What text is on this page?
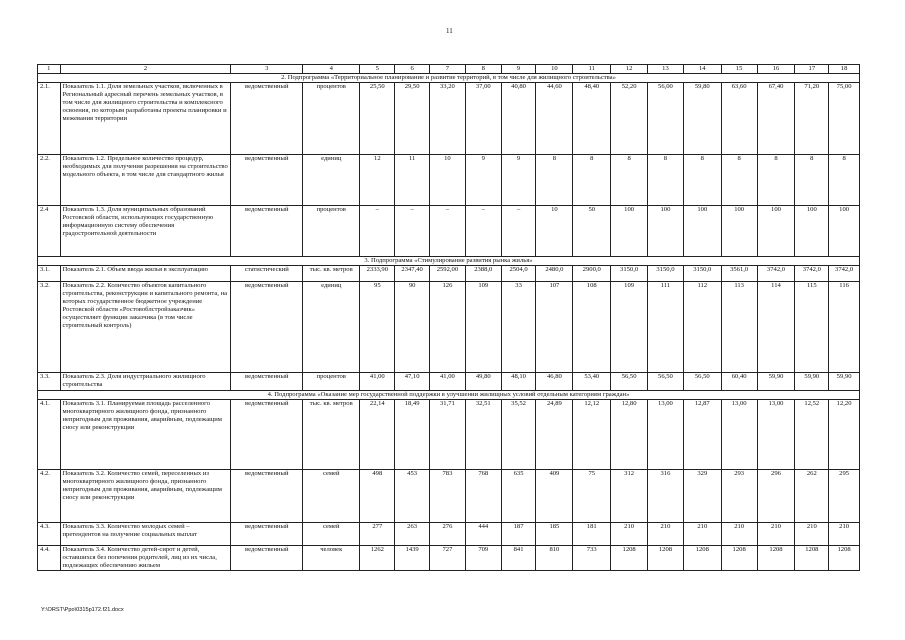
11
1	2	3	4	5	6	7	8	9	10	11	12	13	14	15	16	17	18
2. Подпрограмма «Территориальное планирование и развитие территорий, в том числе для жилищного строительства»																	
2.1.	Показатель 1.1. Доля земельных участков, включенных в Региональный адресный перечень земельных участков, в том числе для жилищного строительства и комплексного освоения, по которым разработаны проекты планировки и межевания территории	ведомственный	процентов	25,50	29,50	33,20	37,00	40,80	44,60	48,40	52,20	56,00	59,80	63,60	67,40	71,20	75,00
2.2.	Показатель 1.2. Предельное количество процедур, необходимых для получения разрешения на строительство модельного объекта, в том числе для стандартного жилья	ведомственный	единиц	12	11	10	9	9	8	8	8	8	8	8	8	8	8
2.4	Показатель 1.3. Доля муниципальных образований Ростовской области, использующих государственную информационную систему обеспечения градостроительной деятельности	ведомственный	процентов	–	–	–	–	–	10	50	100	100	100	100	100	100	100
3. Подпрограмма «Стимулирование развития рынка жилья»																	
3.1.	Показатель 2.1. Объем ввода жилья в эксплуатацию	статистический	тыс. кв. метров	2333,90	2347,40	2592,00	2388,0	2504,0	2480,0	2900,0	3150,0	3150,0	3150,0	3561,0	3742,0	3742,0	3742,0
3.2.	Показатель 2.2. Количество объектов капитального строительства, реконструкции и капитального ремонта, на которых государственное бюджетное учреждение Ростовской области «Ростовоблстройзаказчик» осуществляет функции заказчика (в том числе строительный контроль)	ведомственный	единиц	95	90	126	109	33	107	108	109	111	112	113	114	115	116
3.3.	Показатель 2.3. Доля индустриального жилищного строительства	ведомственный	процентов	41,00	47,10	41,00	49,80	48,10	46,80	53,40	56,50	56,50	56,50	60,40	59,90	59,90	59,90
4. Подпрограмма «Оказание мер государственной поддержки в улучшении жилищных условий отдельным категориям граждан»																	
4.1.	Показатель 3.1. Планируемая площадь расселенного многоквартирного жилищного фонда, признанного непригодным для проживания, аварийным, подлежащим сносу или реконструкции	ведомственный	тыс. кв. метров	22,14	18,49	31,71	32,51	35,52	24,89	12,12	12,80	13,00	12,87	13,00	13,00	12,52	12,20
4.2.	Показатель 3.2. Количество семей, переселенных из многоквартирного жилищного фонда, признанного непригодным для проживания, аварийным, подлежащим сносу или реконструкции	ведомственный	семей	498	453	783	768	635	409	75	312	316	329	293	296	262	295
4.3.	Показатель 3.3. Количество молодых семей – претендентов на получение социальных выплат	ведомственный	семей	277	263	276	444	187	185	181	210	210	210	210	210	210	210
4.4.	Показатель 3.4. Количество детей-сирот и детей, оставшихся без попечения родителей, лиц из их числа, подлежащих обеспечению жильем	ведомственный	человек	1262	1439	727	709	841	810	733	1208	1208	1208	1208	1208	1208	1208
Y:\ORST\Ppo\0315p172.f21.docx
